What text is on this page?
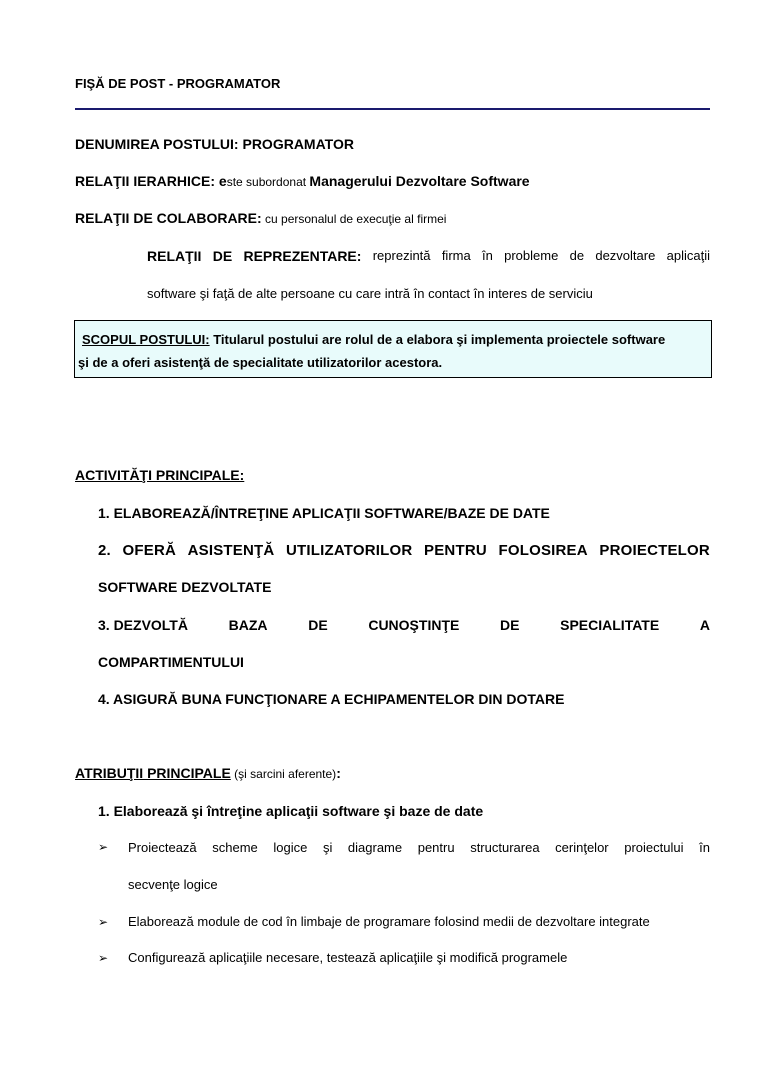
FIŞĂ DE POST - PROGRAMATOR
DENUMIREA POSTULUI: PROGRAMATOR
RELAŢII IERARHICE: este subordonat Managerului Dezvoltare Software
RELAŢII DE COLABORARE: cu personalul de execuţie al firmei
RELAŢII DE REPREZENTARE: reprezintă firma în probleme de dezvoltare aplicaţii
software şi faţă de alte persoane cu care intră în contact în interes de serviciu
SCOPUL POSTULUI: Titularul postului are rolul de a elabora şi implementa proiectele software
şi de a oferi asistenţă de specialitate utilizatorilor acestora.
ACTIVITĂŢI PRINCIPALE:
1. ELABOREAZĂ/ÎNTREŢINE APLICAŢII SOFTWARE/BAZE DE DATE
2. OFERĂ ASISTENŢĂ UTILIZATORILOR PENTRU FOLOSIREA PROIECTELOR
SOFTWARE DEZVOLTATE
3. DEZVOLTĂ	BAZA	DE	CUNOŞTINŢE	DE	SPECIALITATE	A
COMPARTIMENTULUI
4. ASIGURĂ BUNA FUNCŢIONARE A ECHIPAMENTELOR DIN DOTARE
ATRIBUŢII PRINCIPALE (şi sarcini aferente):
1. Elaborează şi întreţine aplicaţii software şi baze de date
➢	Proiectează scheme logice şi diagrame pentru structurarea cerinţelor proiectului în
secvenţe logice
➢ Elaborează module de cod în limbaje de programare folosind medii de dezvoltare integrate
➢ Configurează aplicaţiile necesare, testează aplicaţiile şi modifică programele
